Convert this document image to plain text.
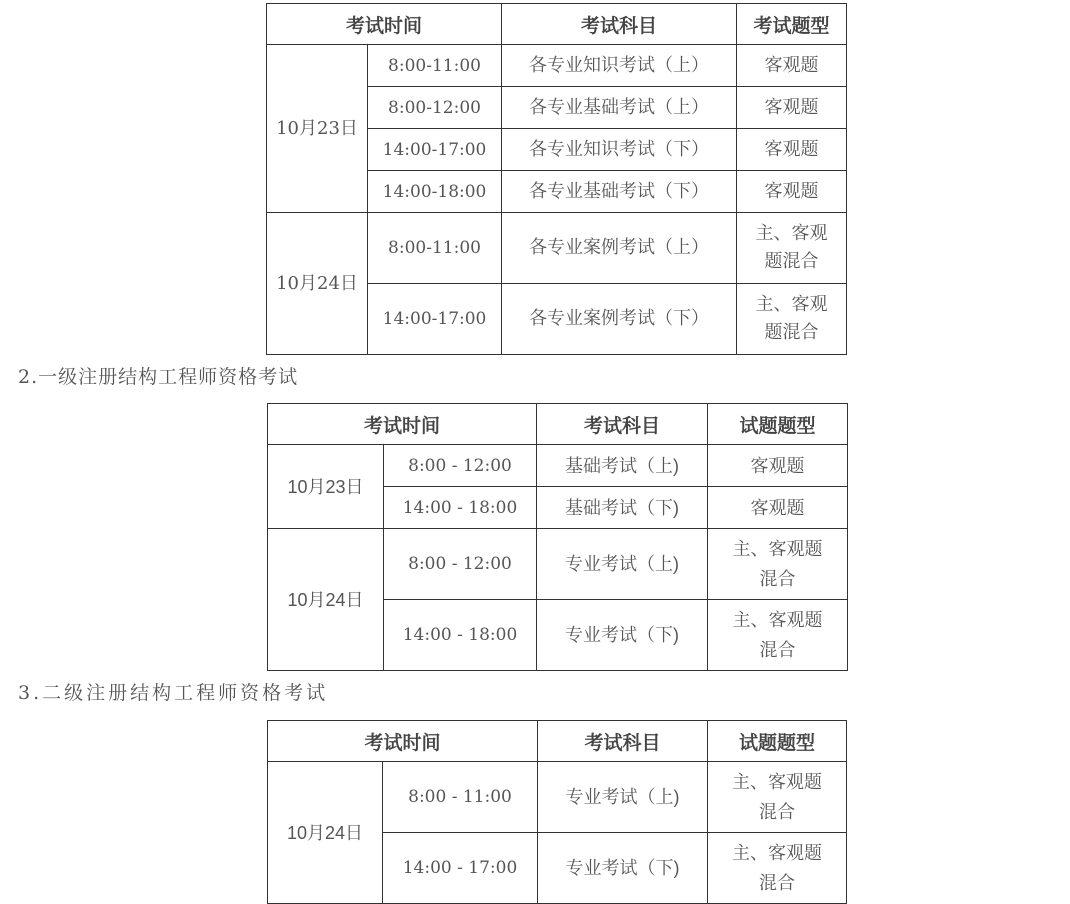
考试时间		考试科目	考试题型
10月23日	8:00-11:00	各专业知识考试（上）	客观题
	8:00-12:00	各专业基础考试（上）	客观题
	14:00-17:00	各专业知识考试（下）	客观题
	14:00-18:00	各专业基础考试（下）	客观题
10月24日	8:00-11:00	各专业案例考试（上）	主、客观
题混合
	14:00-17:00	各专业案例考试（下）	主、客观
题混合
2.一级注册结构工程师资格考试
考试时间		考试科目	试题题型
10月23日	8:00 - 12:00	基础考试（上)	客观题
	14:00 - 18:00	基础考试（下)	客观题
10月24日	8:00 - 12:00	专业考试（上)	主、客观题
混合
	14:00 - 18:00	专业考试（下)	主、客观题
混合
3.二级注册结构工程师资格考试
考试时间		考试科目	试题题型
10月24日	8:00 - 11:00	专业考试（上)	主、客观题
混合
	14:00 - 17:00	专业考试（下)	主、客观题
混合
